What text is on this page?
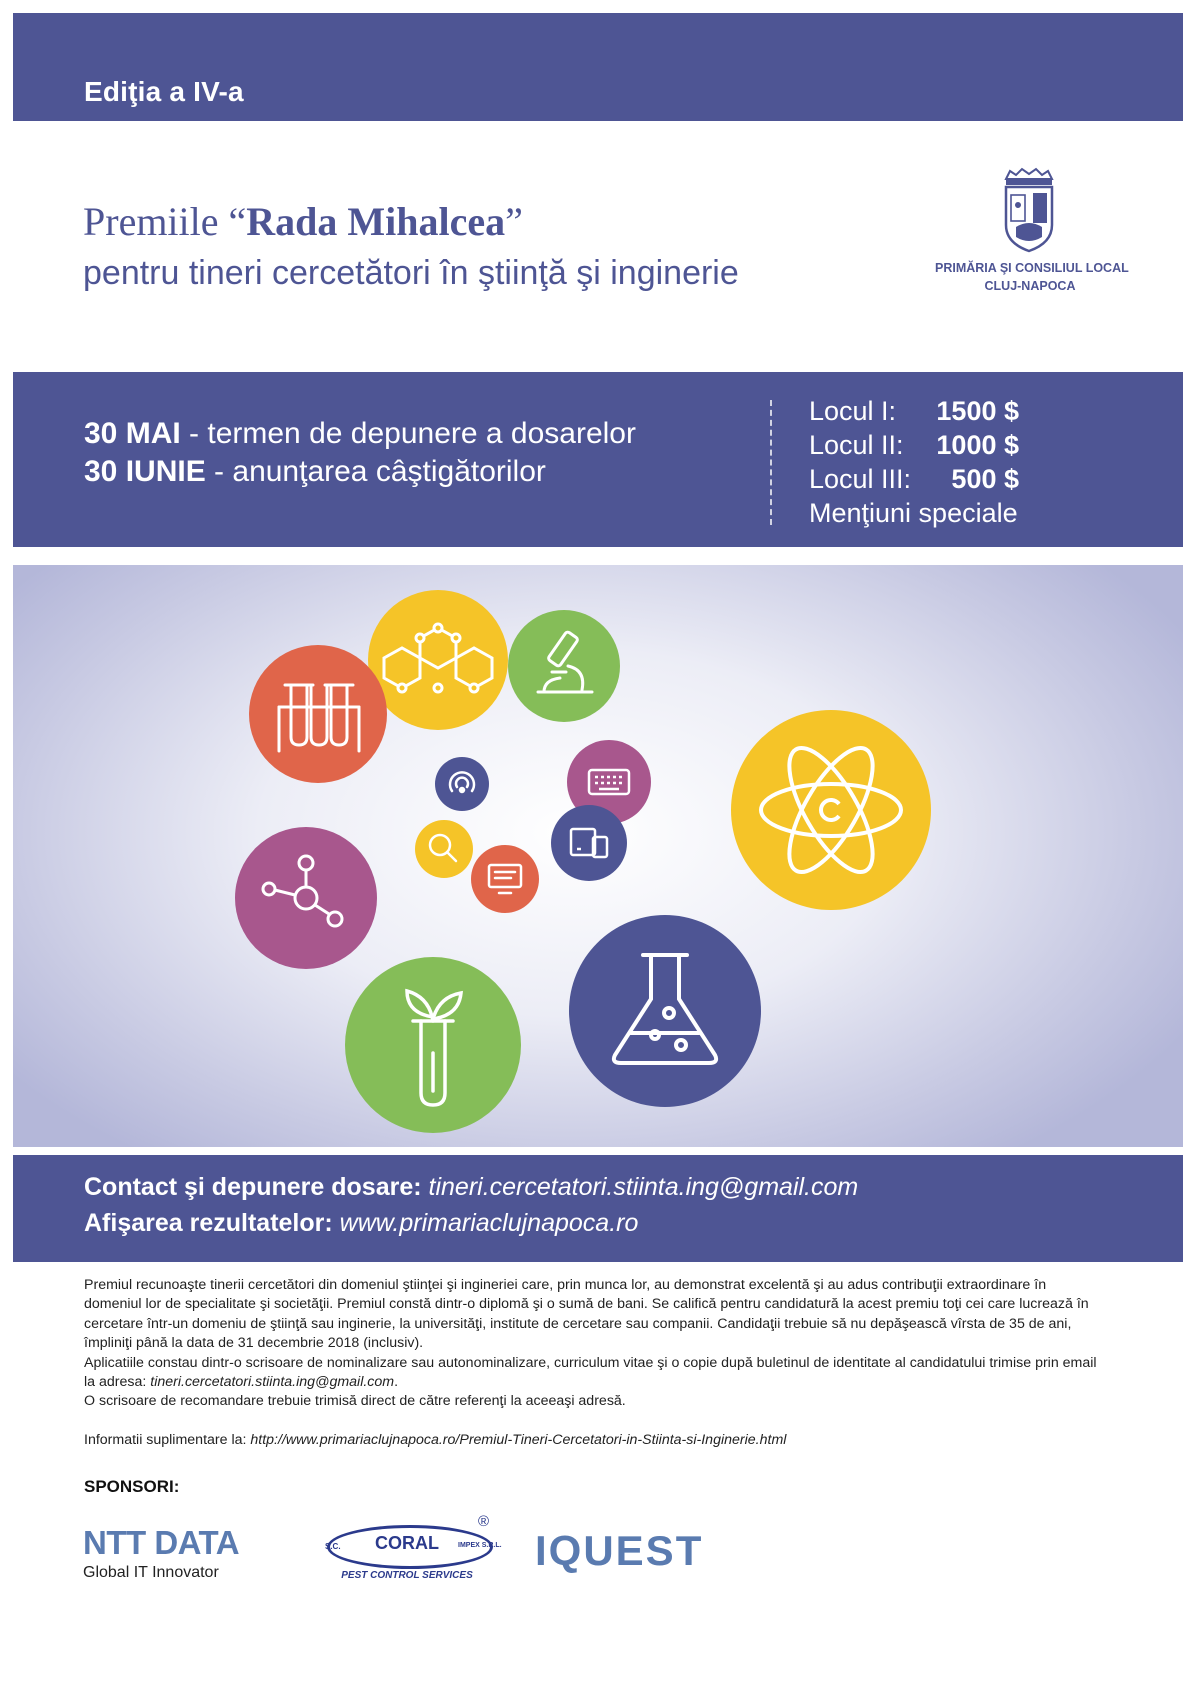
Ediţia a IV-a
Premiile “Rada Mihalcea”
pentru tineri cercetători în ştiinţă şi inginerie	PRIMĂRIA ŞI CONSILIUL LOCAL
CLUJ-NAPOCA
30 MAI - termen de depunere a dosarelor
30 IUNIE - anunţarea câştigătorilor
Locul I: 1500 $
Locul II: 1000 $
Locul III: 500 $
Menţiuni speciale
Contact şi depunere dosare: tineri.cercetatori.stiinta.ing@gmail.com
Afişarea rezultatelor: www.primariaclujnapoca.ro

Premiul recunoaşte tinerii cercetători din domeniul ştiinţei şi ingineriei care, prin munca lor, au demonstrat excelentă şi au adus contribuţii extraordinare în domeniul lor de specialitate şi societăţii. Premiul constă dintr-o diplomă şi o sumă de bani. Se califică pentru candidatură la acest premiu toţi cei care lucrează în cercetare într-un domeniu de ştiinţă sau inginerie, la universităţi, institute de cercetare sau companii. Candidaţii trebuie să nu depăşească vîrsta de 35 de ani, împliniţi până la data de 31 decembrie 2018 (inclusiv).

Aplicatiile constau dintr-o scrisoare de nominalizare sau autonominalizare, curriculum vitae şi o copie după buletinul de identitate al candidatului trimise prin email la adresa: tineri.cercetatori.stiinta.ing@gmail.com.

O scrisoare de recomandare trebuie trimisă direct de către referenţi la aceeaşi adresă.

Informatii suplimentare la: http://www.primariaclujnapoca.ro/Premiul-Tineri-Cercetatori-in-Stiinta-si-Inginerie.html

SPONSORI:
NTT DATA
Global IT Innovator
S.C.	CORAL	IMPEX S.R.L.
®
PEST CONTROL SERVICES
IQUEST
